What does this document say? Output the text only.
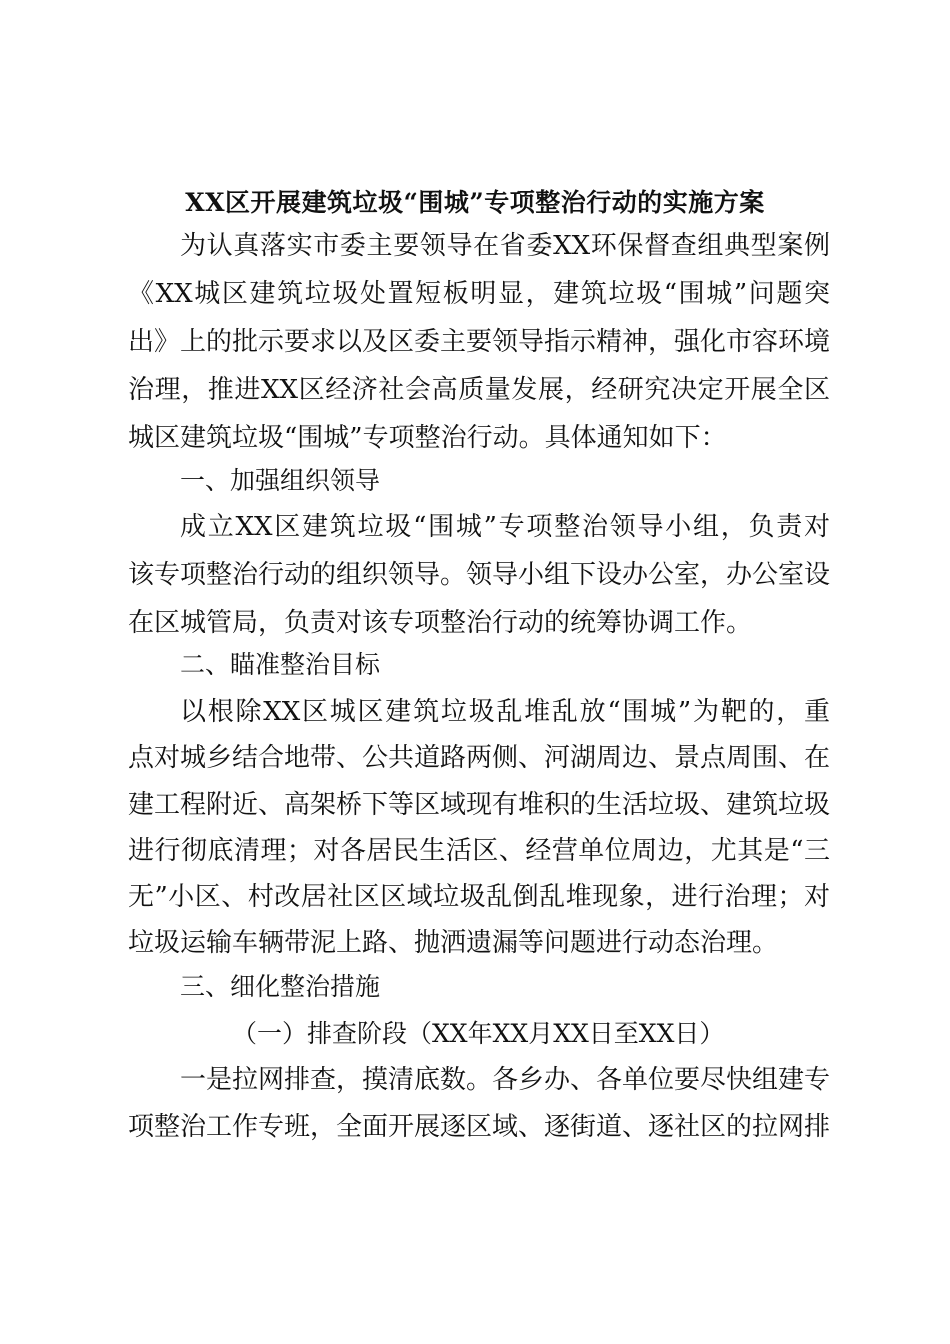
XX区开展建筑垃圾“围城”专项整治行动的实施方案
为认真落实市委主要领导在省委XX环保督查组典型案例
《XX城区建筑垃圾处置短板明显，建筑垃圾“围城”问题突
出》上的批示要求以及区委主要领导指示精神，强化市容环境
治理，推进XX区经济社会高质量发展，经研究决定开展全区
城区建筑垃圾“围城”专项整治行动。具体通知如下：
一、加强组织领导
成立XX区建筑垃圾“围城”专项整治领导小组，负责对
该专项整治行动的组织领导。领导小组下设办公室，办公室设
在区城管局，负责对该专项整治行动的统筹协调工作。
二、瞄准整治目标
以根除XX区城区建筑垃圾乱堆乱放“围城”为靶的，重
点对城乡结合地带、公共道路两侧、河湖周边、景点周围、在
建工程附近、高架桥下等区域现有堆积的生活垃圾、建筑垃圾
进行彻底清理；对各居民生活区、经营单位周边，尤其是“三
无”小区、村改居社区区域垃圾乱倒乱堆现象，进行治理；对
垃圾运输车辆带泥上路、抛洒遗漏等问题进行动态治理。
三、细化整治措施
（一）排查阶段（XX年XX月XX日至XX日）
一是拉网排查，摸清底数。各乡办、各单位要尽快组建专
项整治工作专班，全面开展逐区域、逐街道、逐社区的拉网排
